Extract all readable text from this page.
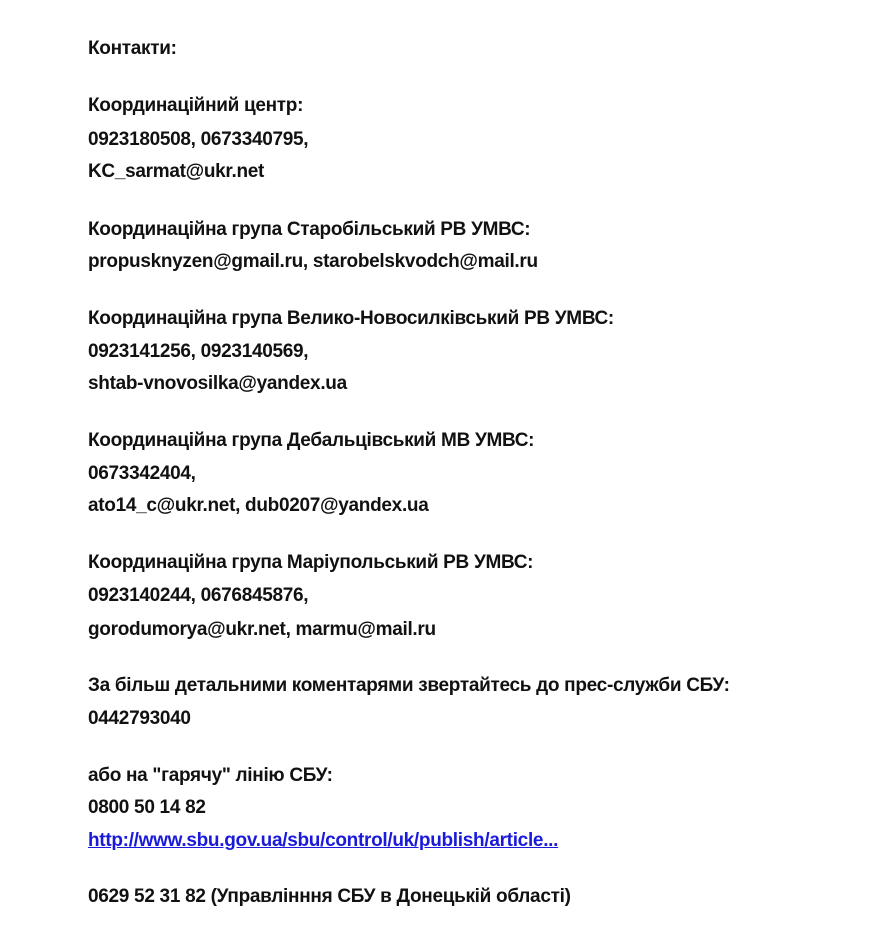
Контакти:
Координаційний центр:
0923180508, 0673340795,
KC_sarmat@ukr.net
Координаційна група Старобільський РВ УМВС:
propusknyzen@gmail.ru, starobelskvodch@mail.ru
Координаційна група Велико-Новосилківський РВ УМВС:
0923141256, 0923140569,
shtab-vnovosilka@yandex.ua
Координаційна група Дебальцівський МВ УМВС:
0673342404,
ato14_c@ukr.net, dub0207@yandex.ua
Координаційна група Маріупольський РВ УМВС:
0923140244, 0676845876,
gorodumorya@ukr.net, marmu@mail.ru
За більш детальними коментарями звертайтесь до прес-служби СБУ:
0442793040
або на "гарячу" лінію СБУ:
0800 50 14 82
http://www.sbu.gov.ua/sbu/control/uk/publish/article...
0629 52 31 82 (Управлінння СБУ в Донецькій області)
